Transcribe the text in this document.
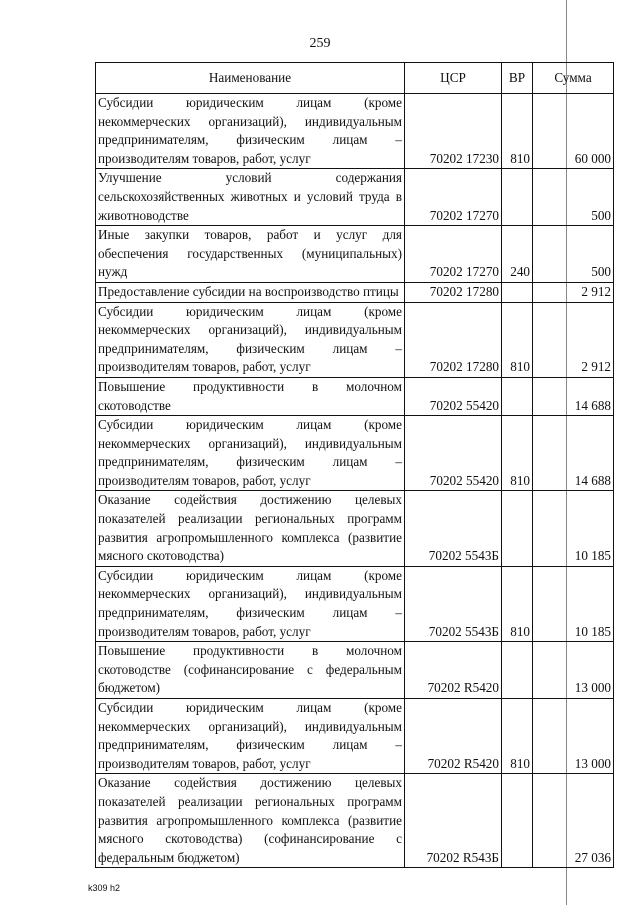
259
Наименование	ЦСР	ВР	Сумма
Субсидии юридическим лицам (кроме некоммерческих организаций), индивидуальным предпринимателям, физическим лицам – производителям товаров, работ, услуг	70202 17230	810	60 000
Улучшение условий содержания сельскохозяйственных животных и условий труда в животноводстве	70202 17270		500
Иные закупки товаров, работ и услуг для обеспечения государственных (муниципальных) нужд	70202 17270	240	500
Предоставление субсидии на воспроизводство птицы	70202 17280		2 912
Субсидии юридическим лицам (кроме некоммерческих организаций), индивидуальным предпринимателям, физическим лицам – производителям товаров, работ, услуг	70202 17280	810	2 912
Повышение продуктивности в молочном скотоводстве	70202 55420		14 688
Субсидии юридическим лицам (кроме некоммерческих организаций), индивидуальным предпринимателям, физическим лицам – производителям товаров, работ, услуг	70202 55420	810	14 688
Оказание содействия достижению целевых показателей реализации региональных программ развития агропромышленного комплекса (развитие мясного скотоводства)	70202 5543Б		10 185
Субсидии юридическим лицам (кроме некоммерческих организаций), индивидуальным предпринимателям, физическим лицам – производителям товаров, работ, услуг	70202 5543Б	810	10 185
Повышение продуктивности в молочном скотоводстве (софинансирование с федеральным бюджетом)	70202 R5420		13 000
Субсидии юридическим лицам (кроме некоммерческих организаций), индивидуальным предпринимателям, физическим лицам – производителям товаров, работ, услуг	70202 R5420	810	13 000
Оказание содействия достижению целевых показателей реализации региональных программ развития агропромышленного комплекса (развитие мясного скотоводства) (софинансирование с федеральным бюджетом)	70202 R543Б		27 036
k309 h2
